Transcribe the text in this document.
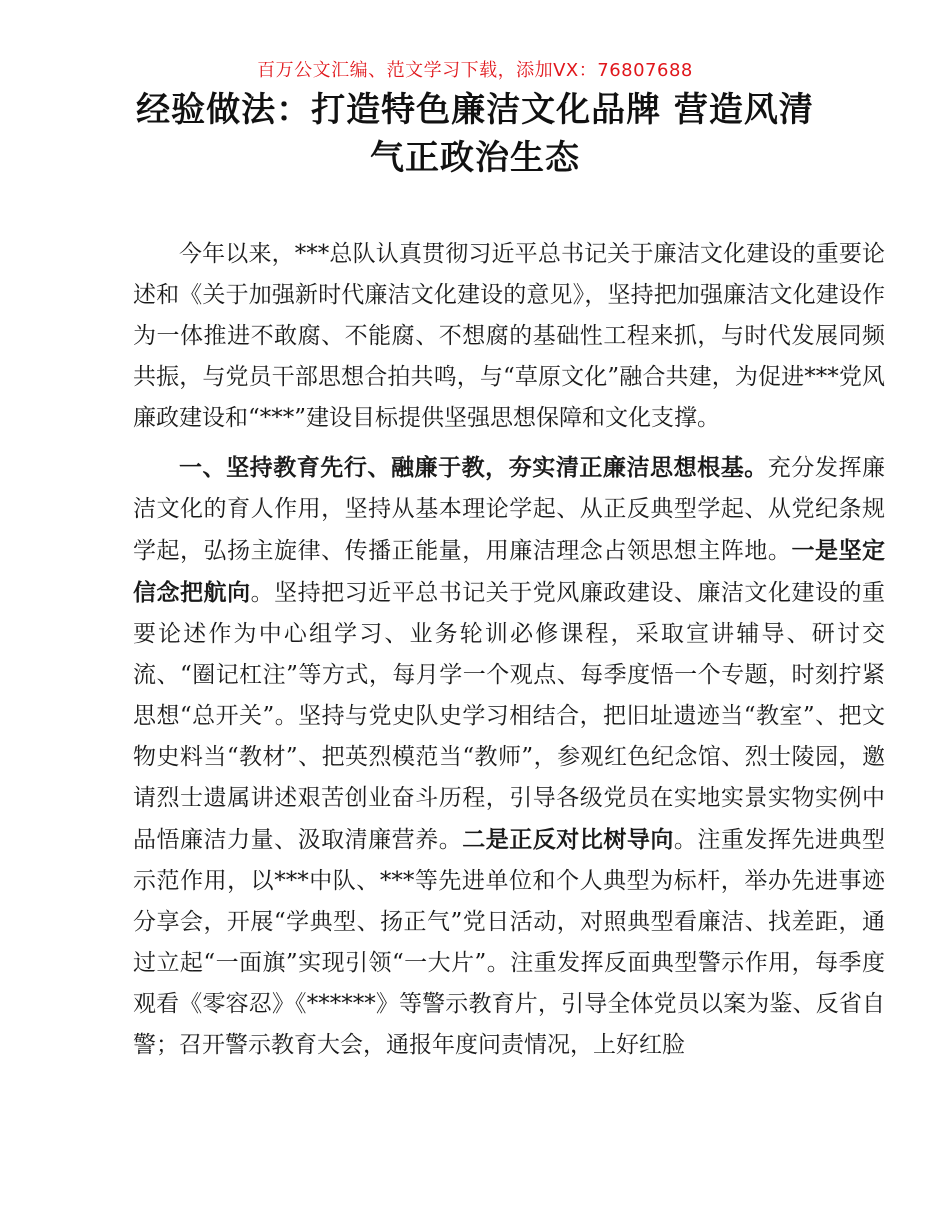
百万公文汇编、范文学习下载，添加VX：76807688
经验做法：打造特色廉洁文化品牌 营造风清气正政治生态

今年以来，***总队认真贯彻习近平总书记关于廉洁文化建设的重要论述和《关于加强新时代廉洁文化建设的意见》，坚持把加强廉洁文化建设作为一体推进不敢腐、不能腐、不想腐的基础性工程来抓，与时代发展同频共振，与党员干部思想合拍共鸣，与“草原文化”融合共建，为促进***党风廉政建设和“***”建设目标提供坚强思想保障和文化支撑。

一、坚持教育先行、融廉于教，夯实清正廉洁思想根基。充分发挥廉洁文化的育人作用，坚持从基本理论学起、从正反典型学起、从党纪条规学起，弘扬主旋律、传播正能量，用廉洁理念占领思想主阵地。一是坚定信念把航向。坚持把习近平总书记关于党风廉政建设、廉洁文化建设的重要论述作为中心组学习、业务轮训必修课程，采取宣讲辅导、研讨交流、“圈记杠注”等方式，每月学一个观点、每季度悟一个专题，时刻拧紧思想“总开关”。坚持与党史队史学习相结合，把旧址遗迹当“教室”、把文物史料当“教材”、把英烈模范当“教师”，参观红色纪念馆、烈士陵园，邀请烈士遗属讲述艰苦创业奋斗历程，引导各级党员在实地实景实物实例中品悟廉洁力量、汲取清廉营养。二是正反对比树导向。注重发挥先进典型示范作用，以***中队、***等先进单位和个人典型为标杆，举办先进事迹分享会，开展“学典型、扬正气”党日活动，对照典型看廉洁、找差距，通过立起“一面旗”实现引领“一大片”。注重发挥反面典型警示作用，每季度观看《零容忍》《******》等警示教育片，引导全体党员以案为鉴、反省自警；召开警示教育大会，通报年度问责情况，上好红脸
